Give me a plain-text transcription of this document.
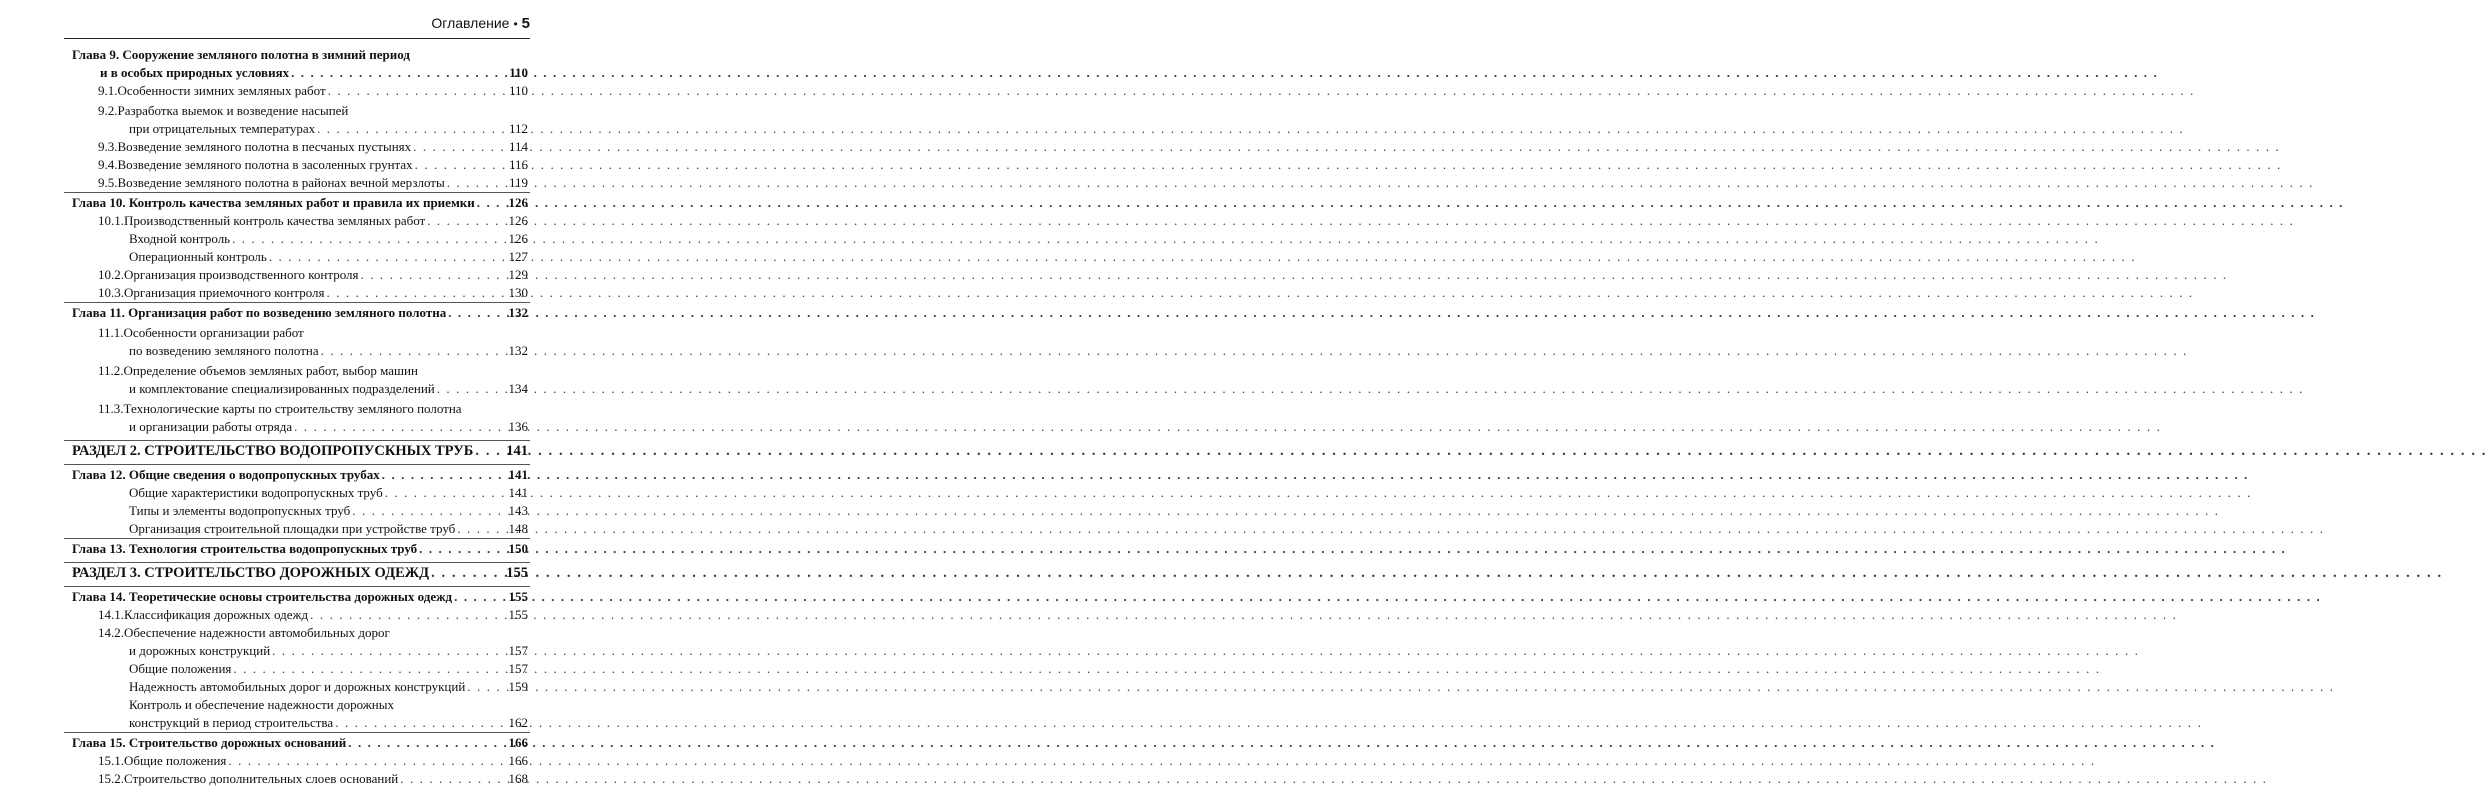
Оглавление • 5
Глава 9. Сооружение земляного полотна в зимний период
и в особых природных условиях . . .	110
9.1.Особенности зимних земляных работ . . .	110
9.2.Разработка выемок и возведение насыпей
при отрицательных температурах . . .	112
9.3.Возведение земляного полотна в песчаных пустынях . . .	114
9.4.Возведение земляного полотна в засоленных грунтах . . .	116
9.5.Возведение земляного полотна в районах вечной мерзлоты . . .	119
Глава 10. Контроль качества земляных работ и правила их приемки . . .	126
10.1.Производственный контроль качества земляных работ . . .	126
Входной контроль . . .	126
Операционный контроль . . .	127
10.2.Организация производственного контроля . . .	129
10.3.Организация приемочного контроля . . .	130
Глава 11. Организация работ по возведению земляного полотна . . .	132
11.1.Особенности организации работ
по возведению земляного полотна . . .	132
11.2.Определение объемов земляных работ, выбор машин
и комплектование специализированных подразделений . . .	134
11.3.Технологические карты по строительству земляного полотна
и организации работы отряда . . .	136
РАЗДЕЛ 2. СТРОИТЕЛЬСТВО ВОДОПРОПУСКНЫХ ТРУБ . . . 141
Глава 12. Общие сведения о водопропускных трубах . . .	141
Общие характеристики водопропускных труб . . .	141
Типы и элементы водопропускных труб . . .	143
Организация строительной площадки при устройстве труб . . .	148
Глава 13. Технология строительства водопропускных труб . . .	150
РАЗДЕЛ 3. СТРОИТЕЛЬСТВО ДОРОЖНЫХ ОДЕЖД . . .	155
Глава 14. Теоретические основы строительства дорожных одежд . . .	155
14.1.Классификация дорожных одежд . . .	155
14.2.Обеспечение надежности автомобильных дорог
и дорожных конструкций . . .	157
Общие положения . . .	157
Надежность автомобильных дорог и дорожных конструкций . . .	159
Контроль и обеспечение надежности дорожных
конструкций в период строительства . . .	162
Глава 15. Строительство дорожных оснований . . .	166
15.1.Общие положения . . .	166
15.2.Строительство дополнительных слоев оснований . . .	168
